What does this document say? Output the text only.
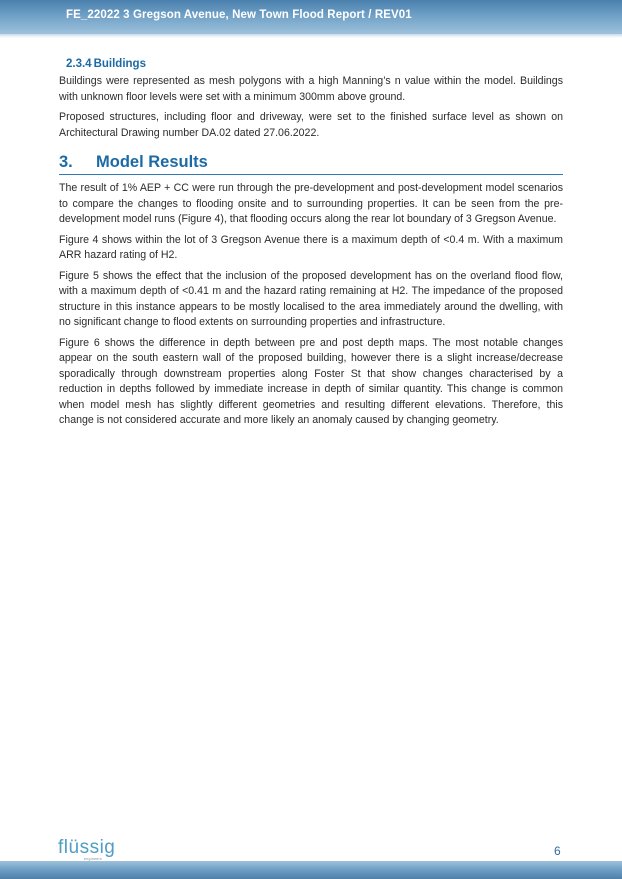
FE_22022 3 Gregson Avenue, New Town Flood Report / REV01
2.3.4 Buildings

Buildings were represented as mesh polygons with a high Manning’s n value within the model. Buildings with unknown floor levels were set with a minimum 300mm above ground.

Proposed structures, including floor and driveway, were set to the finished surface level as shown on Architectural Drawing number DA.02 dated 27.06.2022.

3. Model Results

The result of 1% AEP + CC were run through the pre-development and post-development model scenarios to compare the changes to flooding onsite and to surrounding properties. It can be seen from the pre-development model runs (Figure 4), that flooding occurs along the rear lot boundary of 3 Gregson Avenue.

Figure 4 shows within the lot of 3 Gregson Avenue there is a maximum depth of <0.4 m. With a maximum ARR hazard rating of H2.

Figure 5 shows the effect that the inclusion of the proposed development has on the overland flood flow, with a maximum depth of <0.41 m and the hazard rating remaining at H2. The impedance of the proposed structure in this instance appears to be mostly localised to the area immediately around the dwelling, with no significant change to flood extents on surrounding properties and infrastructure.

Figure 6 shows the difference in depth between pre and post depth maps. The most notable changes appear on the south eastern wall of the proposed building, however there is a slight increase/decrease sporadically through downstream properties along Foster St that show changes characterised by a reduction in depths followed by immediate increase in depth of similar quantity. This change is common when model mesh has slightly different geometries and resulting different elevations. Therefore, this change is not considered accurate and more likely an anomaly caused by changing geometry.

flüssig
engineers
6
